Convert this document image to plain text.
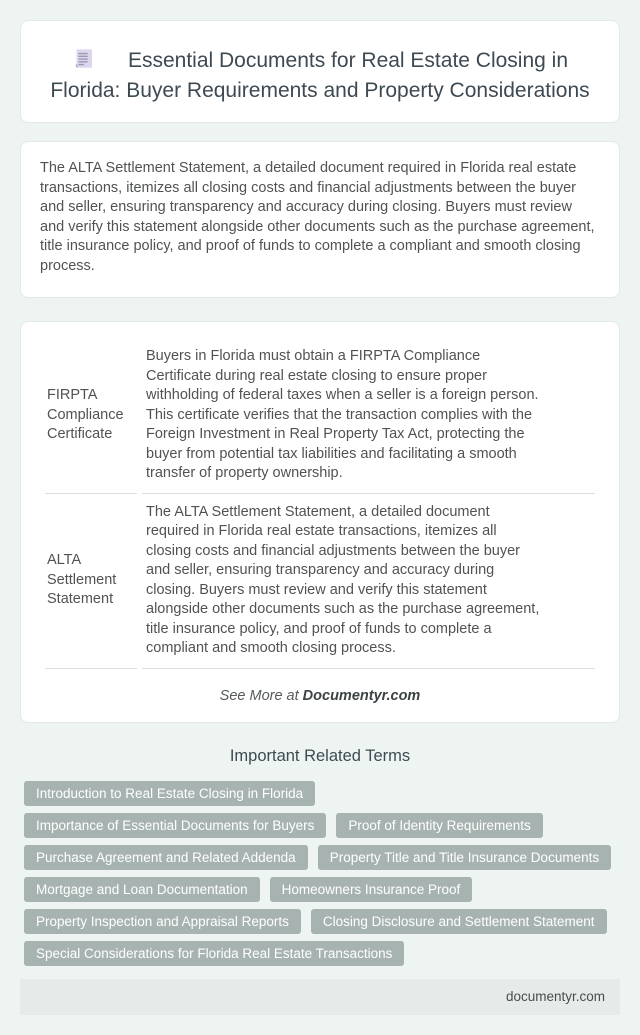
Essential Documents for Real Estate Closing in Florida: Buyer Requirements and Property Considerations

The ALTA Settlement Statement, a detailed document required in Florida real estate transactions, itemizes all closing costs and financial adjustments between the buyer and seller, ensuring transparency and accuracy during closing. Buyers must review and verify this statement alongside other documents such as the purchase agreement, title insurance policy, and proof of funds to complete a compliant and smooth closing process.

FIRPTA Compliance Certificate	Buyers in Florida must obtain a FIRPTA Compliance Certificate during real estate closing to ensure proper withholding of federal taxes when a seller is a foreign person. This certificate verifies that the transaction complies with the Foreign Investment in Real Property Tax Act, protecting the buyer from potential tax liabilities and facilitating a smooth transfer of property ownership.
ALTA Settlement Statement	The ALTA Settlement Statement, a detailed document required in Florida real estate transactions, itemizes all closing costs and financial adjustments between the buyer and seller, ensuring transparency and accuracy during closing. Buyers must review and verify this statement alongside other documents such as the purchase agreement, title insurance policy, and proof of funds to complete a compliant and smooth closing process.
See More at Documentyr.com
Important Related Terms
Introduction to Real Estate Closing in Florida
Importance of Essential Documents for Buyers	Proof of Identity Requirements
Purchase Agreement and Related Addenda	Property Title and Title Insurance Documents
Mortgage and Loan Documentation	Homeowners Insurance Proof
Property Inspection and Appraisal Reports	Closing Disclosure and Settlement Statement
Special Considerations for Florida Real Estate Transactions
documentyr.com
